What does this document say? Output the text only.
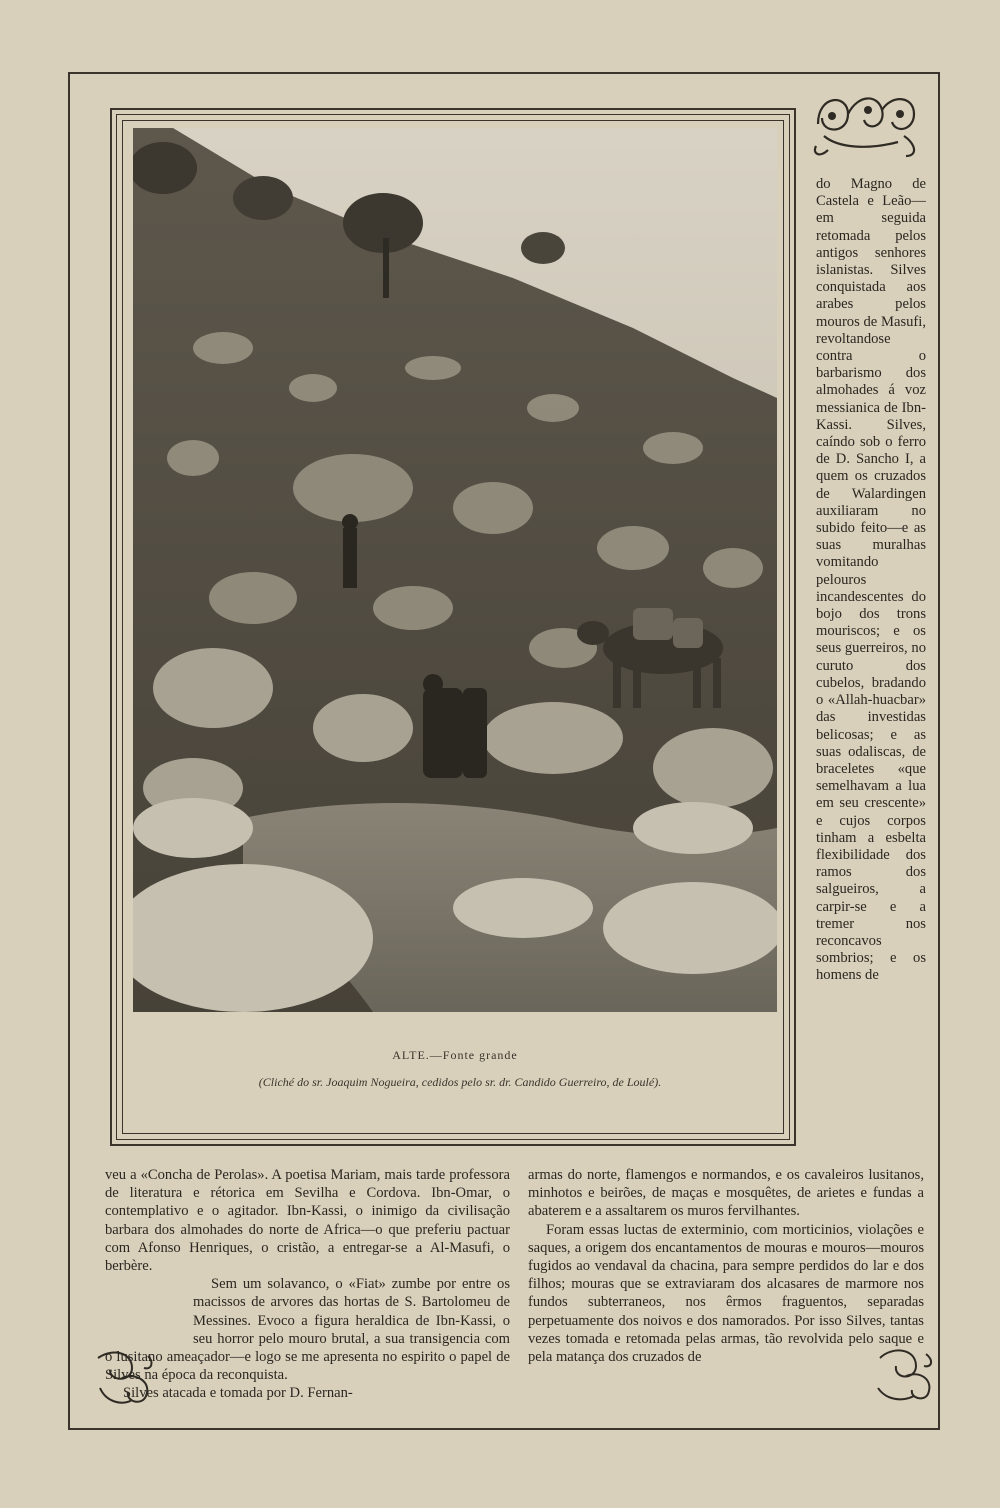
ALTE.—Fonte grande
(Cliché do sr. Joaquim Nogueira, cedidos pelo sr. dr. Candido Guerreiro, de Loulé).

do Magno de Castela e Leão—em seguida retomada pelos antigos senhores islanistas. Silves conquistada aos arabes pelos mouros de Masufi, revoltandose contra o barbarismo dos almohades á voz messianica de Ibn-Kassi. Silves, caíndo sob o ferro de D. Sancho I, a quem os cruzados de Walardingen auxiliaram no subido feito—e as suas muralhas vomitando pelouros incandescentes do bojo dos trons mouriscos; e os seus guerreiros, no curuto dos cubelos, bradando o «Allah-huacbar» das investidas belicosas; e as suas odaliscas, de braceletes «que semelhavam a lua em seu crescente» e cujos corpos tinham a esbelta flexibilidade dos ramos dos salgueiros, a carpir-se e a tremer nos reconcavos sombrios; e os homens de

veu a «Concha de Perolas». A poetisa Mariam, mais tarde professora de literatura e rétorica em Sevilha e Cordova. Ibn-Omar, o contemplativo e o agitador. Ibn-Kassi, o inimigo da civilisação barbara dos almohades do norte de Africa—o que preferiu pactuar com Afonso Henriques, o cristão, a entregar-se a Al-Masufi, o berbère.

Sem um solavanco, o «Fiat» zumbe por entre os macissos de arvores das hortas de S. Bartolomeu de Messines. Evoco a figura heraldica de Ibn-Kassi, o seu horror pelo mouro brutal, a sua transigencia com o lusitano ameaçador—e logo se me apresenta no espirito o papel de Silves na época da reconquista.

Silves atacada e tomada por D. Fernan-

armas do norte, flamengos e normandos, e os cavaleiros lusitanos, minhotos e beirões, de maças e mosquêtes, de arietes e fundas a abaterem e a assaltarem os muros fervilhantes.

Foram essas luctas de exterminio, com morticinios, violações e saques, a origem dos encantamentos de mouras e mouros—mouros fugidos ao vendaval da chacina, para sempre perdidos do lar e dos filhos; mouras que se extraviaram dos alcasares de marmore nos fundos subterraneos, nos êrmos fraguentos, separadas perpetuamente dos noivos e dos namorados. Por isso Silves, tantas vezes tomada e retomada pelas armas, tão revolvida pelo saque e pela matança dos cruzados de
